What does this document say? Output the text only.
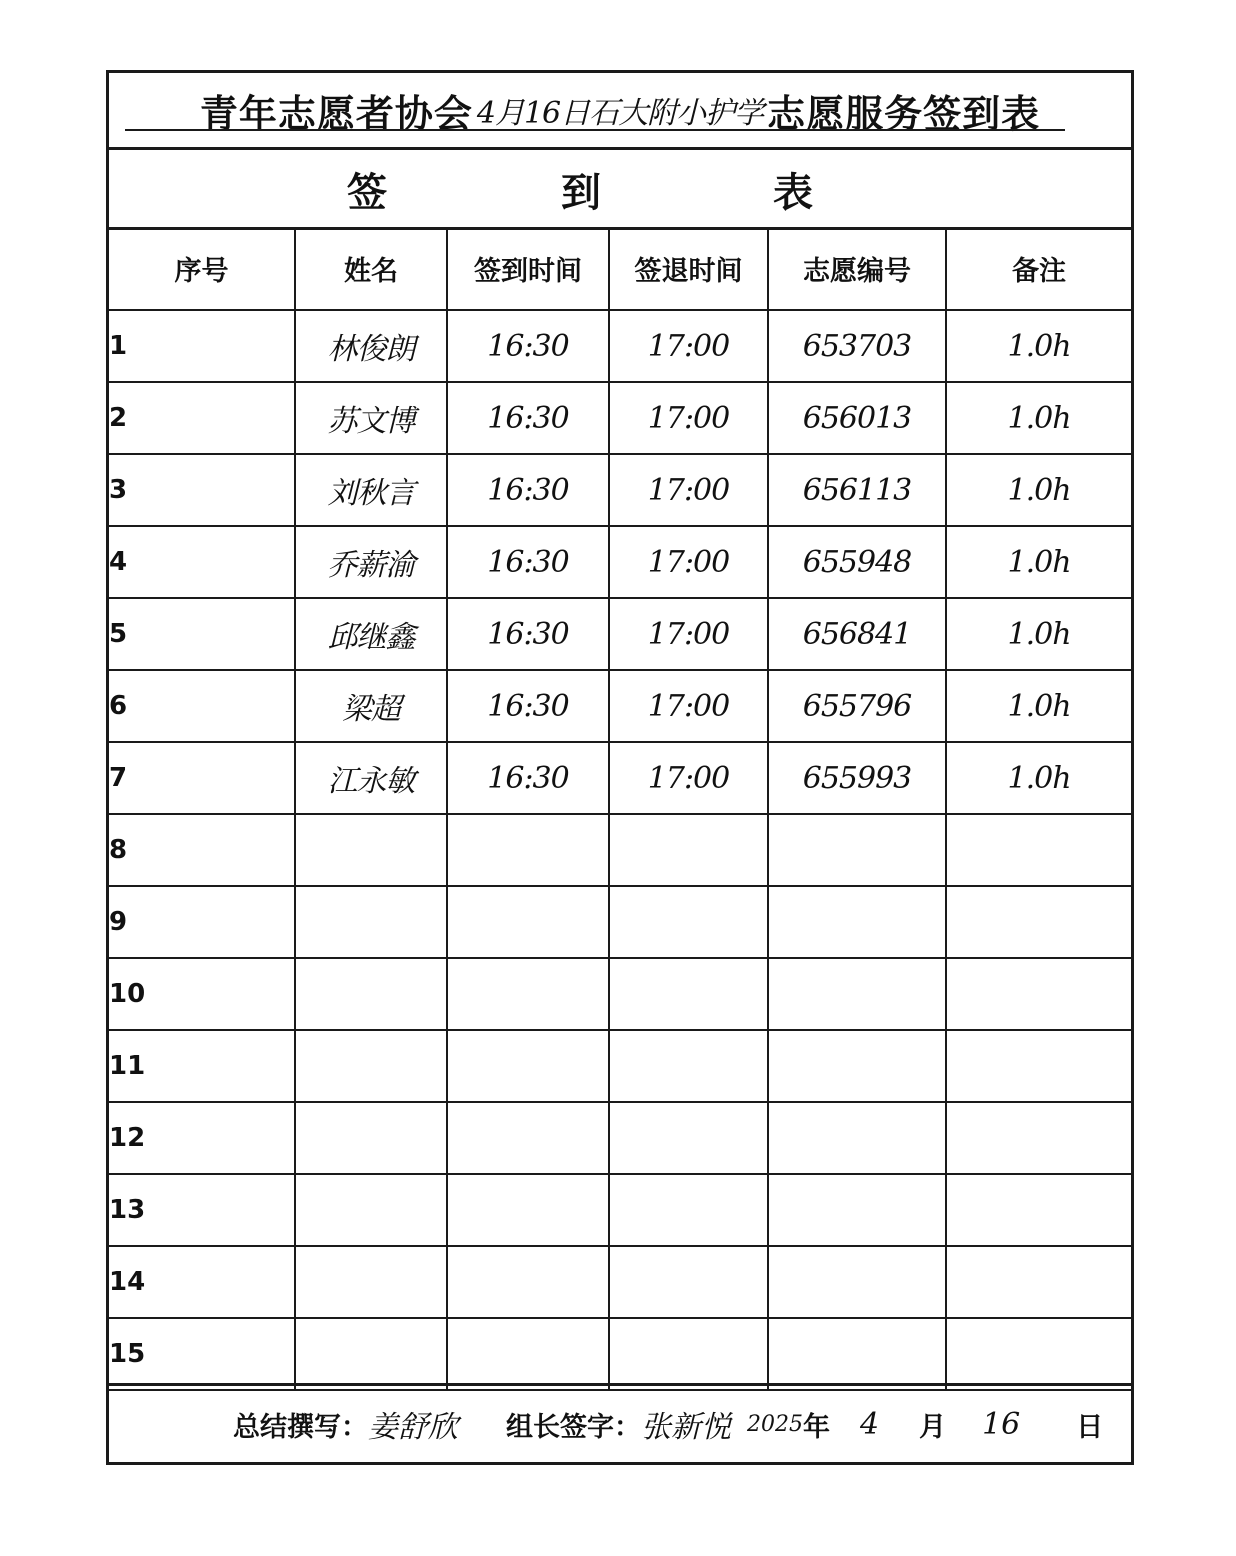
青年志愿者协会 4月16日石大附小护学 志愿服务签到表
签	到	表
序号	姓名	签到时间	签退时间	志愿编号	备注
1	林俊朗	16:30	17:00	653703	1.0h
2	苏文博	16:30	17:00	656013	1.0h
3	刘秋言	16:30	17:00	656113	1.0h
4	乔薪渝	16:30	17:00	655948	1.0h
5	邱继鑫	16:30	17:00	656841	1.0h
6	梁超	16:30	17:00	655796	1.0h
7	江永敏	16:30	17:00	655993	1.0h
8					
9					
10					
11					
12					
13					
14					
15					
总结撰写： 姜舒欣 组长签字： 张新悦 2025 年 4 月 16 日
